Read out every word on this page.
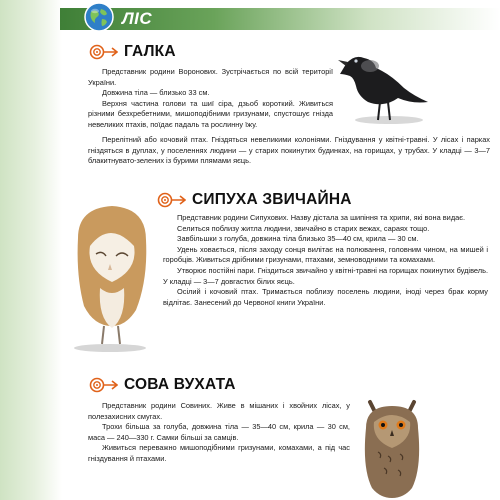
ЛІС
ГАЛКА

Представник родини Воронових. Зустрічається по всій території України.

Довжина тіла — близько 33 см.

Верхня частина голови та шиї сіра, дзьоб короткий. Живиться різними безхребетними, мишоподібними гризунами, спустошує гнізда невеликих птахів, поїдає падаль та рослинну їжу.

Перелітний або кочовий птах. Гніздяться невеликими колоніями. Гніздування у квітні-травні. У лісах і парках гніздяться в дуплах, у поселеннях людини — у старих покинутих будинках, на горищах, у трубах. У кладці — 3—7 блакитнувато-зелених із бурими плямами яєць.

СИПУХА ЗВИЧАЙНА

Представник родини Сипухових. Назву дістала за шипіння та хрипи, які вона видає.

Селиться поблизу житла людини, звичайно в старих вежах, сараях тощо.

Завбільшки з голуба, довжина тіла близько 35—40 см, крила — 30 см.

Удень ховається, після заходу сонця вилітає на полювання, головним чином, на мишей і горобців. Живиться дрібними гризунами, птахами, земноводними та комахами.

Утворює постійні пари. Гніздиться звичайно у квітні-травні на горищах покинутих будівель. У кладці — 3—7 довгастих білих яєць.

Осілий і кочовий птах. Тримається поблизу поселень людини, іноді через брак корму відлітає. Занесений до Червоної книги України.

СОВА ВУХАТА

Представник родини Совиних. Живе в мішаних і хвойних лісах, у полезахисних смугах.

Трохи більша за голуба, довжина тіла — 35—40 см, крила — 30 см, маса — 240—330 г. Самки більші за самців.

Живиться переважно мишоподібними гризунами, комахами, а під час гніздування й птахами.
